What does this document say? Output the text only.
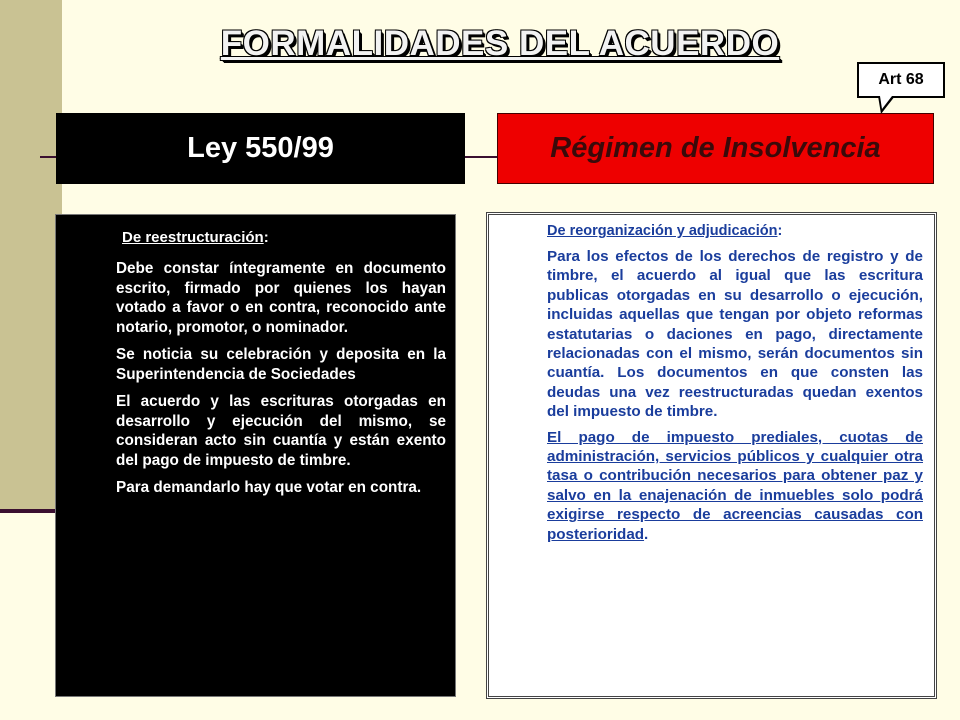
FORMALIDADES DEL ACUERDO
Art 68
Ley 550/99	Régimen de Insolvencia
De reestructuración:

Debe constar íntegramente en documento escrito, firmado por quienes los hayan votado a favor o en contra, reconocido ante notario, promotor, o nominador.

Se noticia su celebración y deposita en la Superintendencia de Sociedades

El acuerdo y las escrituras otorgadas en desarrollo y ejecución del mismo, se consideran acto sin cuantía y están exento del pago de impuesto de timbre.

Para demandarlo hay que votar en contra.

De reorganización y adjudicación:

Para los efectos de los derechos de registro y de timbre, el acuerdo al igual que las escritura publicas otorgadas en su desarrollo o ejecución, incluidas aquellas que tengan por objeto reformas estatutarias o daciones en pago, directamente relacionadas con el mismo, serán documentos sin cuantía. Los documentos en que consten las deudas una vez reestructuradas quedan exentos del impuesto de timbre.

El pago de impuesto prediales, cuotas de administración, servicios públicos y cualquier otra tasa o contribución necesarios para obtener paz y salvo en la enajenación de inmuebles solo podrá exigirse respecto de acreencias causadas con posterioridad.
